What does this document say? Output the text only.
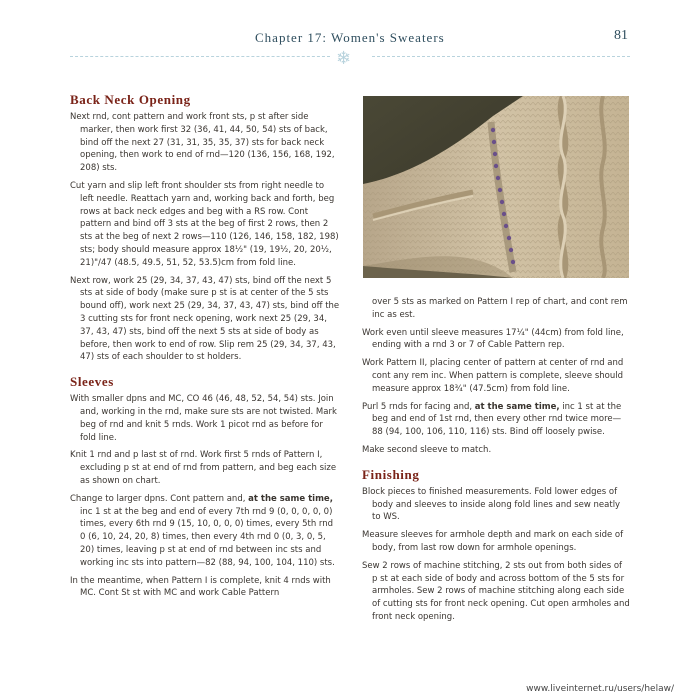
Chapter 17: Women's Sweaters	81
❄
Back Neck Opening

Next rnd, cont pattern and work front sts, p st after side marker, then work first 32 (36, 41, 44, 50, 54) sts of back, bind off the next 27 (31, 31, 35, 35, 37) sts for back neck opening, then work to end of rnd—120 (136, 156, 168, 192, 208) sts.

Cut yarn and slip left front shoulder sts from right needle to left needle. Reattach yarn and, working back and forth, beg rows at back neck edges and beg with a RS row. Cont pattern and bind off 3 sts at the beg of first 2 rows, then 2 sts at the beg of next 2 rows—110 (126, 146, 158, 182, 198) sts; body should measure approx 18¹⁄₂" (19, 19¹⁄₂, 20, 20¹⁄₂, 21)"/47 (48.5, 49.5, 51, 52, 53.5)cm from fold line.

Next row, work 25 (29, 34, 37, 43, 47) sts, bind off the next 5 sts at side of body (make sure p st is at center of the 5 sts bound off), work next 25 (29, 34, 37, 43, 47) sts, bind off the 3 cutting sts for front neck opening, work next 25 (29, 34, 37, 43, 47) sts, bind off the next 5 sts at side of body as before, then work to end of row. Slip rem 25 (29, 34, 37, 43, 47) sts of each shoulder to st holders.

Sleeves

With smaller dpns and MC, CO 46 (46, 48, 52, 54, 54) sts. Join and, working in the rnd, make sure sts are not twisted. Mark beg of rnd and knit 5 rnds. Work 1 picot rnd as before for fold line.

Knit 1 rnd and p last st of rnd. Work first 5 rnds of Pattern I, excluding p st at end of rnd from pattern, and beg each size as shown on chart.

Change to larger dpns. Cont pattern and, at the same time, inc 1 st at the beg and end of every 7th rnd 9 (0, 0, 0, 0, 0) times, every 6th rnd 9 (15, 10, 0, 0, 0) times, every 5th rnd 0 (6, 10, 24, 20, 8) times, then every 4th rnd 0 (0, 3, 0, 5, 20) times, leaving p st at end of rnd between inc sts and working inc sts into pattern—82 (88, 94, 100, 104, 110) sts.

In the meantime, when Pattern I is complete, knit 4 rnds with MC. Cont St st with MC and work Cable Pattern

over 5 sts as marked on Pattern I rep of chart, and cont rem inc as est.

Work even until sleeve measures 17¹⁄₄" (44cm) from fold line, ending with a rnd 3 or 7 of Cable Pattern rep.

Work Pattern II, placing center of pattern at center of rnd and cont any rem inc. When pattern is complete, sleeve should measure approx 18³⁄₄" (47.5cm) from fold line.

Purl 5 rnds for facing and, at the same time, inc 1 st at the beg and end of 1st rnd, then every other rnd twice more—88 (94, 100, 106, 110, 116) sts. Bind off loosely pwise.

Make second sleeve to match.

Finishing

Block pieces to finished measurements. Fold lower edges of body and sleeves to inside along fold lines and sew neatly to WS.

Measure sleeves for armhole depth and mark on each side of body, from last row down for armhole openings.

Sew 2 rows of machine stitching, 2 sts out from both sides of p st at each side of body and across bottom of the 5 sts for armholes. Sew 2 rows of machine stitching along each side of cutting sts for front neck opening. Cut open armholes and front neck opening.

www.liveinternet.ru/users/helaw/
